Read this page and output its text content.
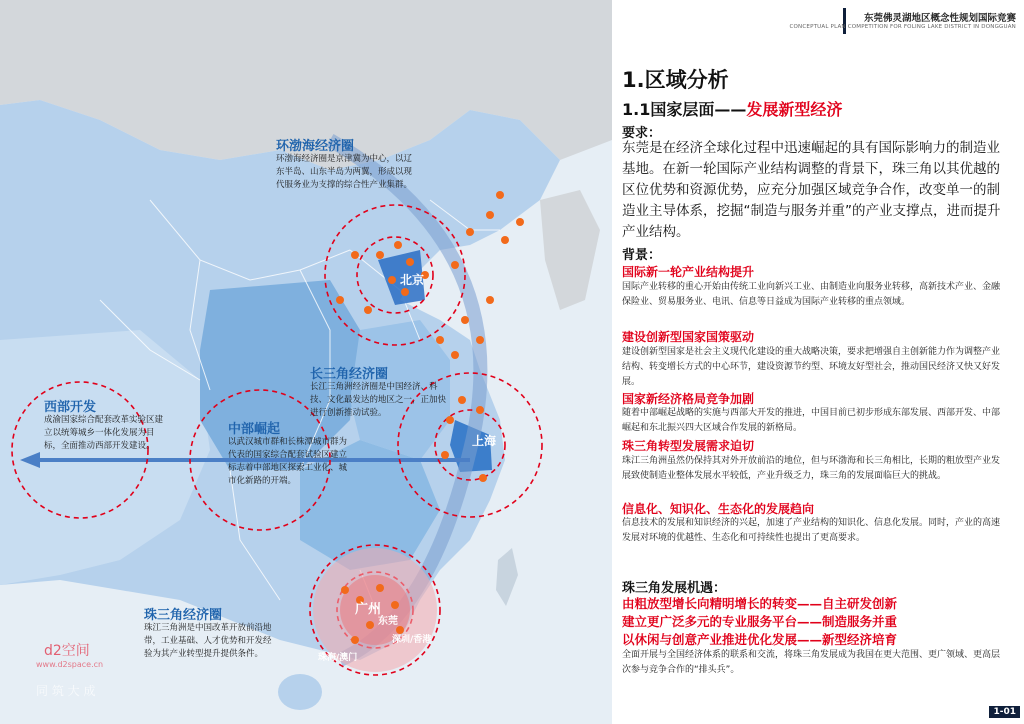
环渤海经济圈
环渤海经济圈是京津冀为中心，以辽
东半岛、山东半岛为两翼，形成以现
代服务业为支撑的综合性产业集群。
长三角经济圈
长江三角洲经济圈是中国经济、科
技、文化最发达的地区之一，正加快
进行创新推动试验。
西部开发
成渝国家综合配套改革实验区建
立以统筹城乡一体化发展为目
标，全面推动西部开发建设。
中部崛起
以武汉城市群和长株潭城市群为
代表的国家综合配套试验区建立
标志着中部地区探索工业化、城
市化新路的开端。
珠三角经济圈
珠江三角洲是中国改革开放前沿地
带，工业基础、人才优势和开发经
验为其产业转型提升提供条件。
北京
上海
广州
东莞
深圳/香港
珠海/澳门
d2空间
www.d2space.cn
同 筑 大 成
东莞佛灵湖地区概念性规划国际竞赛
CONCEPTUAL PLAN COMPETITION FOR FOLING LAKE DISTRICT IN DONGGUAN
1.区域分析
1.1国家层面——发展新型经济
要求：
东莞是在经济全球化过程中迅速崛起的具有国际影响力的制造业基地。在新一轮国际产业结构调整的背景下，珠三角以其优越的区位优势和资源优势，应充分加强区域竞争合作，改变单一的制造业主导体系，挖掘“制造与服务并重”的产业支撑点，进而提升产业结构。
背景：
国际新一轮产业结构提升
国际产业转移的重心开始由传统工业向新兴工业、由制造业向服务业转移，高新技术产业、金融保险业、贸易服务业、电讯、信息等日益成为国际产业转移的重点领域。
建设创新型国家国策驱动
建设创新型国家是社会主义现代化建设的重大战略决策，要求把增强自主创新能力作为调整产业结构、转变增长方式的中心环节，建设资源节约型、环境友好型社会，推动国民经济又快又好发展。
国家新经济格局竞争加剧
随着中部崛起战略的实施与西部大开发的推进，中国目前已初步形成东部发展、西部开发、中部崛起和东北振兴四大区域合作发展的新格局。
珠三角转型发展需求迫切
珠江三角洲虽然仍保持其对外开放前沿的地位，但与环渤海和长三角相比，长期的粗放型产业发展致使制造业整体发展水平较低，产业升级乏力，珠三角的发展面临巨大的挑战。
信息化、知识化、生态化的发展趋向
信息技术的发展和知识经济的兴起，加速了产业结构的知识化、信息化发展。同时，产业的高速发展对环境的优越性、生态化和可持续性也提出了更高要求。
珠三角发展机遇：
由粗放型增长向精明增长的转变——自主研发创新
建立更广泛多元的专业服务平台——制造服务并重
以休闲与创意产业推进优化发展——新型经济培育
全面开展与全国经济体系的联系和交流，将珠三角发展成为我国在更大范围、更广领域、更高层次参与竞争合作的“排头兵”。
1-01
